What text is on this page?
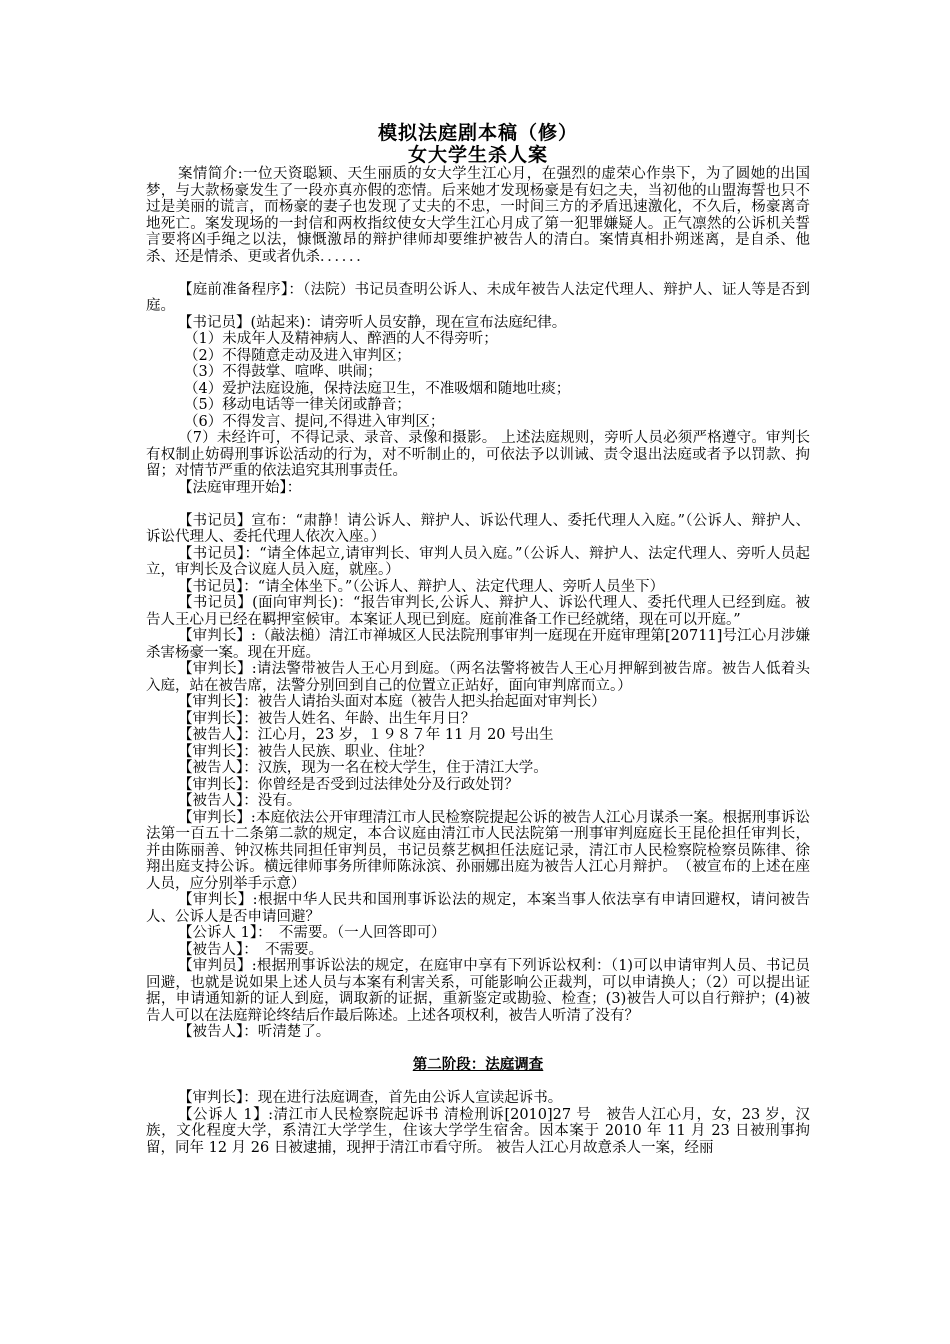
模拟法庭剧本稿（修）
女大学生杀人案

案情简介:一位天资聪颖、天生丽质的女大学生江心月，在强烈的虚荣心作祟下，为了圆她的出国梦，与大款杨豪发生了一段亦真亦假的恋情。后来她才发现杨豪是有妇之夫，当初他的山盟海誓也只不过是美丽的谎言，而杨豪的妻子也发现了丈夫的不忠，一时间三方的矛盾迅速激化，不久后，杨豪离奇地死亡。案发现场的一封信和两枚指纹使女大学生江心月成了第一犯罪嫌疑人。正气凛然的公诉机关誓言要将凶手绳之以法，慷慨激昂的辩护律师却要维护被告人的清白。案情真相扑朔迷离，是自杀、他杀、还是情杀、更或者仇杀．．．．．．

【庭前准备程序】：（法院）书记员查明公诉人、未成年被告人法定代理人、辩护人、证人等是否到庭。

【书记员】(站起来)：请旁听人员安静，现在宣布法庭纪律。

（1）未成年人及精神病人、醉酒的人不得旁听；

（2）不得随意走动及进入审判区；

（3）不得鼓掌、喧哗、哄闹；

（4）爱护法庭设施，保持法庭卫生，不准吸烟和随地吐痰；

（5）移动电话等一律关闭或静音；

（6）不得发言、提问,不得进入审判区；

（7）未经许可，不得记录、录音、录像和摄影。 上述法庭规则，旁听人员必须严格遵守。审判长有权制止妨碍刑事诉讼活动的行为，对不听制止的，可依法予以训诫、责令退出法庭或者予以罚款、拘留；对情节严重的依法追究其刑事责任。

【法庭审理开始】：

【书记员】宣布：“肃静！请公诉人、辩护人、诉讼代理人、委托代理人入庭。”（公诉人、辩护人、诉讼代理人、委托代理人依次入座。）

【书记员】：“请全体起立,请审判长、审判人员入庭。”（公诉人、辩护人、法定代理人、旁听人员起立，审判长及合议庭人员入庭，就座。）

【书记员】：“请全体坐下。”（公诉人、辩护人、法定代理人、旁听人员坐下）

【书记员】(面向审判长)：“报告审判长,公诉人、辩护人、诉讼代理人、委托代理人已经到庭。被告人王心月已经在羁押室候审。本案证人现已到庭。庭前准备工作已经就绪，现在可以开庭。”

【审判长】:（敲法槌）清江市禅城区人民法院刑事审判一庭现在开庭审理第[20711]号江心月涉嫌杀害杨豪一案。现在开庭。

【审判长】:请法警带被告人王心月到庭。（两名法警将被告人王心月押解到被告席。被告人低着头入庭，站在被告席，法警分别回到自己的位置立正站好，面向审判席而立。）

【审判长】：被告人请抬头面对本庭（被告人把头抬起面对审判长）

【审判长】：被告人姓名、年龄、出生年月日？

【被告人】：江心月，23 岁，１９８７年 11 月 20 号出生

【审判长】：被告人民族、职业、住址？

【被告人】：汉族，现为一名在校大学生，住于清江大学。

【审判长】：你曾经是否受到过法律处分及行政处罚？

【被告人】：没有。

【审判长】:本庭依法公开审理清江市人民检察院提起公诉的被告人江心月谋杀一案。根据刑事诉讼法第一百五十二条第二款的规定，本合议庭由清江市人民法院第一刑事审判庭庭长王昆伦担任审判长，并由陈丽善、钟汉栋共同担任审判员，书记员蔡艺枫担任法庭记录，清江市人民检察院检察员陈律、徐翔出庭支持公诉。横远律师事务所律师陈泳滨、孙丽娜出庭为被告人江心月辩护。　（被宣布的上述在座人员，应分别举手示意）

【审判长】:根据中华人民共和国刑事诉讼法的规定，本案当事人依法享有申请回避权，请问被告人、公诉人是否申请回避？

【公诉人 1】：　不需要。（一人回答即可）

【被告人】：　不需要。

【审判员】:根据刑事诉讼法的规定，在庭审中享有下列诉讼权利：（1)可以申请审判人员、书记员回避，也就是说如果上述人员与本案有利害关系，可能影响公正裁判，可以申请换人；（2）可以提出证据，申请通知新的证人到庭，调取新的证据，重新鉴定或勘验、检查；(3)被告人可以自行辩护；(4)被告人可以在法庭辩论终结后作最后陈述。上述各项权利，被告人听清了没有？

【被告人】：听清楚了。

第二阶段：法庭调查

【审判长】：现在进行法庭调查，首先由公诉人宣读起诉书。

【公诉人 1】:清江市人民检察院起诉书 清检刑诉[2010]27 号　被告人江心月，女，23 岁，汉族，文化程度大学，系清江大学学生，住该大学学生宿舍。因本案于 2010 年 11 月 23 日被刑事拘留，同年 12 月 26 日被逮捕，现押于清江市看守所。 被告人江心月故意杀人一案，经丽
